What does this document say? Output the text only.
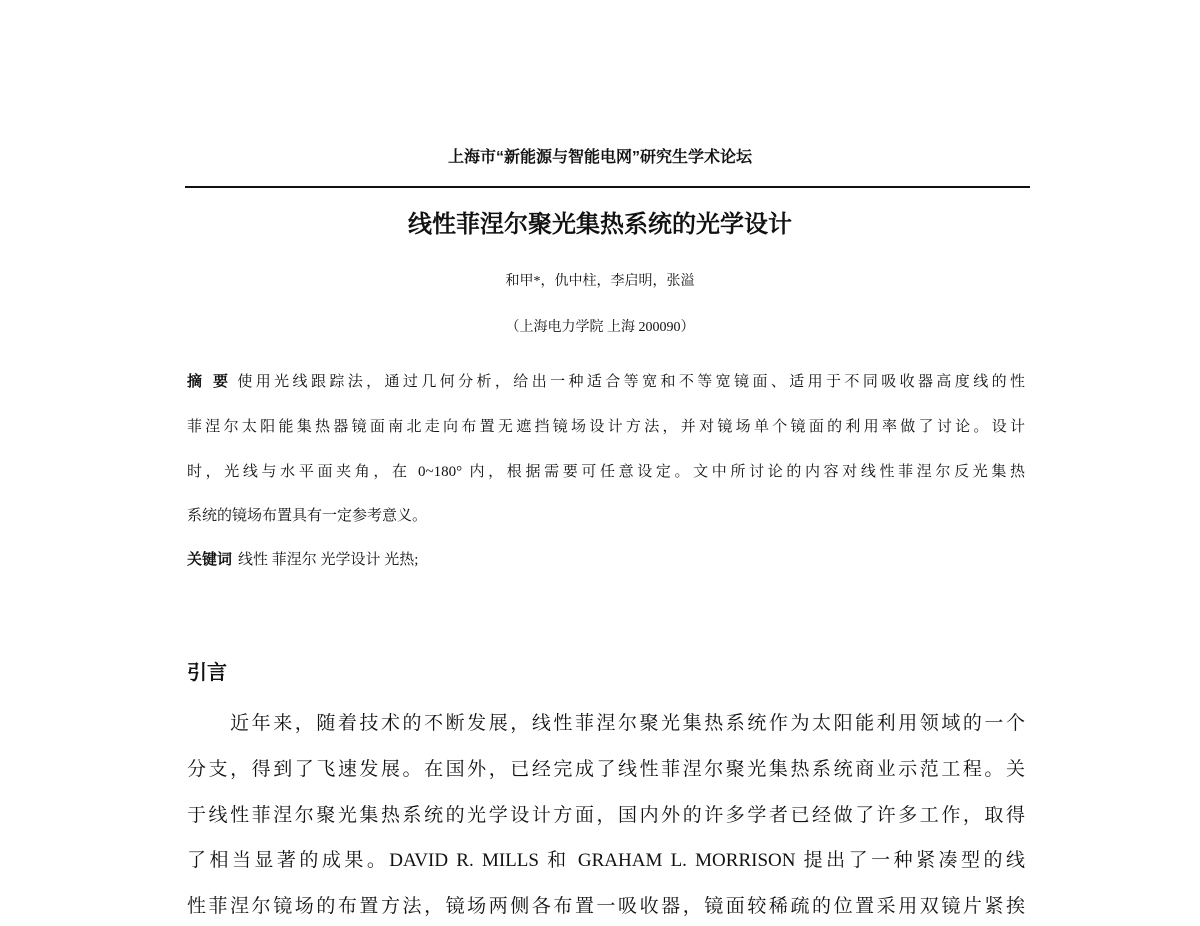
上海市“新能源与智能电网”研究生学术论坛
线性菲涅尔聚光集热系统的光学设计
和甲*，仇中柱，李启明，张溢
（上海电力学院 上海 200090）
摘 要 使用光线跟踪法，通过几何分析，给出一种适合等宽和不等宽镜面、适用于不同吸收器高度线的性
菲涅尔太阳能集热器镜面南北走向布置无遮挡镜场设计方法，并对镜场单个镜面的利用率做了讨论。设计
时，光线与水平面夹角，在 0~180° 内，根据需要可任意设定。文中所讨论的内容对线性菲涅尔反光集热
系统的镜场布置具有一定参考意义。
关键词 线性 菲涅尔 光学设计 光热;
引言
　　近年来，随着技术的不断发展，线性菲涅尔聚光集热系统作为太阳能利用领域的一个
分支，得到了飞速发展。在国外，已经完成了线性菲涅尔聚光集热系统商业示范工程。关
于线性菲涅尔聚光集热系统的光学设计方面，国内外的许多学者已经做了许多工作，取得
了相当显著的成果。DAVID R. MILLS 和 GRAHAM L. MORRISON 提出了一种紧凑型的线
性菲涅尔镜场的布置方法，镜场两侧各布置一吸收器，镜面较稀疏的位置采用双镜片紧挨
